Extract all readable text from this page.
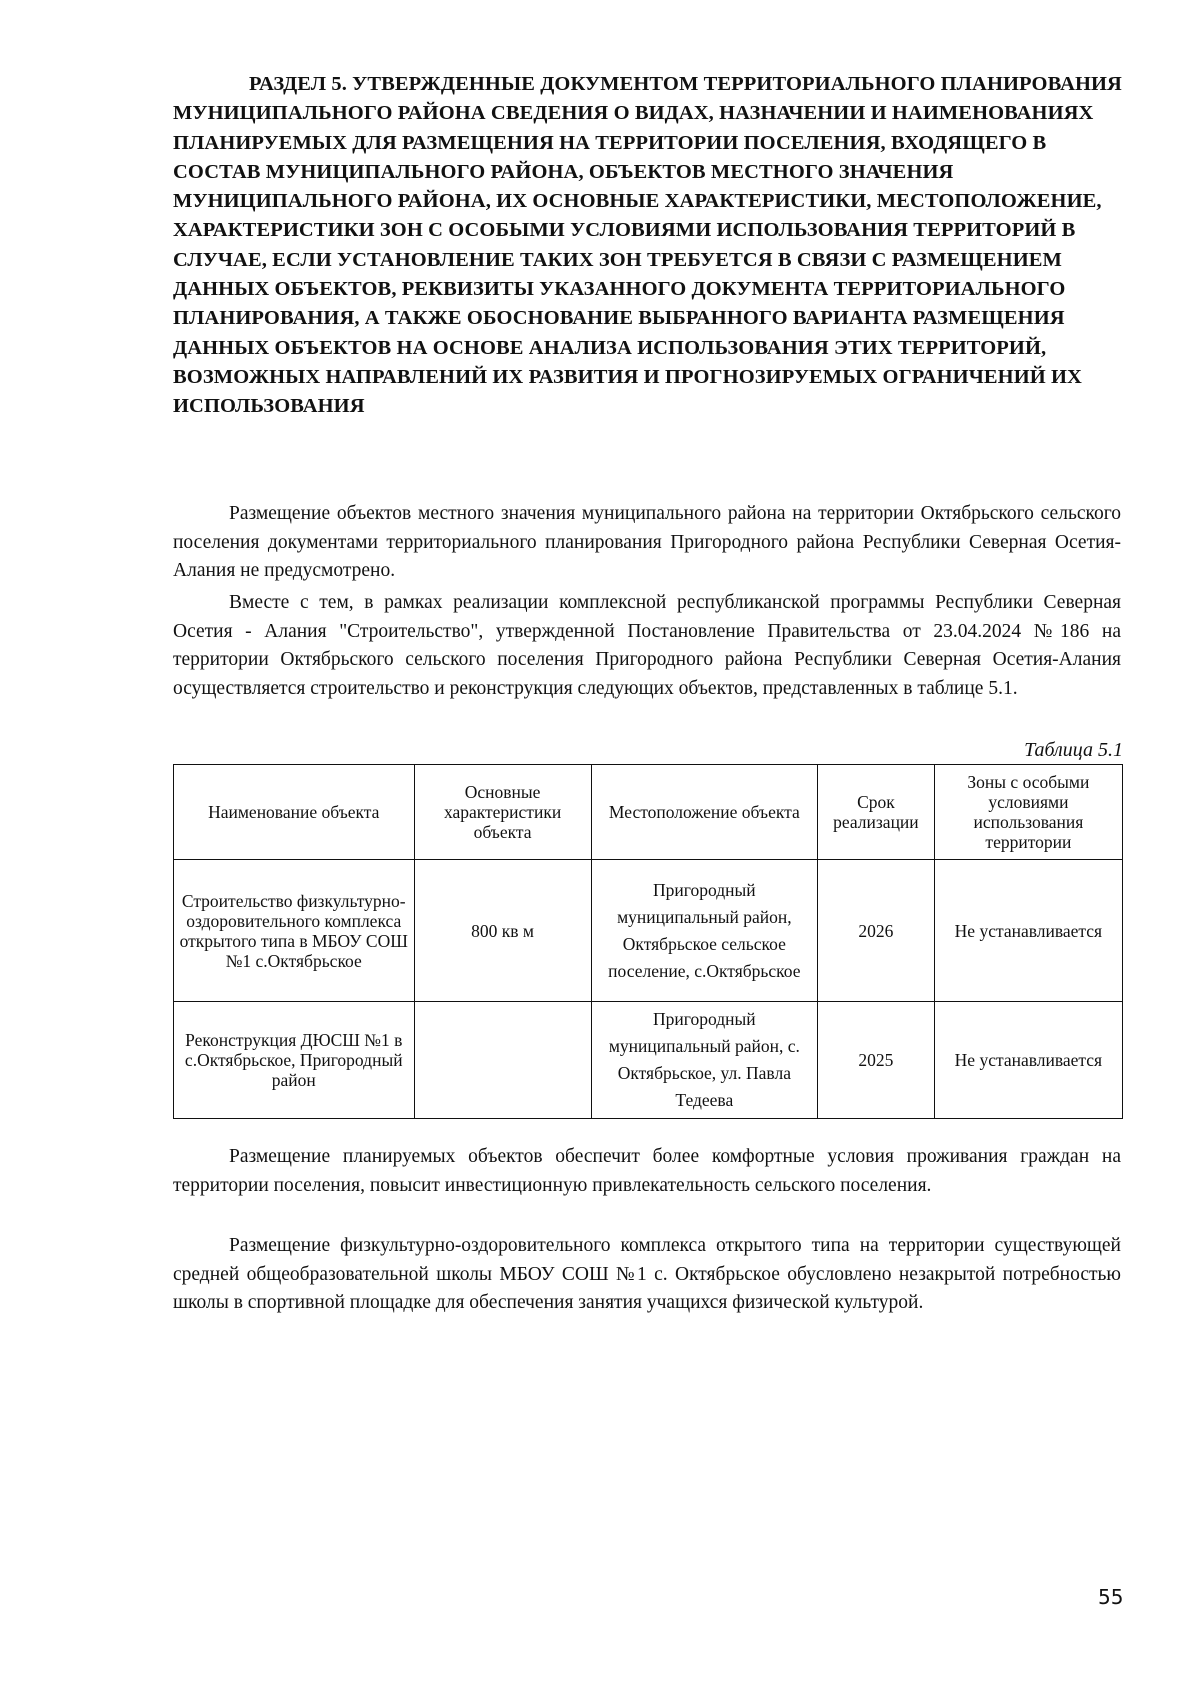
РАЗДЕЛ 5. УТВЕРЖДЕННЫЕ ДОКУМЕНТОМ ТЕРРИТОРИАЛЬНОГО ПЛАНИРОВАНИЯ МУНИЦИПАЛЬНОГО РАЙОНА СВЕДЕНИЯ О ВИДАХ, НАЗНАЧЕНИИ И НАИМЕНОВАНИЯХ ПЛАНИРУЕМЫХ ДЛЯ РАЗМЕЩЕНИЯ НА ТЕРРИТОРИИ ПОСЕЛЕНИЯ, ВХОДЯЩЕГО В СОСТАВ МУНИЦИПАЛЬНОГО РАЙОНА, ОБЪЕКТОВ МЕСТНОГО ЗНАЧЕНИЯ МУНИЦИПАЛЬНОГО РАЙОНА, ИХ ОСНОВНЫЕ ХАРАКТЕРИСТИКИ, МЕСТОПОЛОЖЕНИЕ, ХАРАКТЕРИСТИКИ ЗОН С ОСОБЫМИ УСЛОВИЯМИ ИСПОЛЬЗОВАНИЯ ТЕРРИТОРИЙ В СЛУЧАЕ, ЕСЛИ УСТАНОВЛЕНИЕ ТАКИХ ЗОН ТРЕБУЕТСЯ В СВЯЗИ С РАЗМЕЩЕНИЕМ ДАННЫХ ОБЪЕКТОВ, РЕКВИЗИТЫ УКАЗАННОГО ДОКУМЕНТА ТЕРРИТОРИАЛЬНОГО ПЛАНИРОВАНИЯ, А ТАКЖЕ ОБОСНОВАНИЕ ВЫБРАННОГО ВАРИАНТА РАЗМЕЩЕНИЯ ДАННЫХ ОБЪЕКТОВ НА ОСНОВЕ АНАЛИЗА ИСПОЛЬЗОВАНИЯ ЭТИХ ТЕРРИТОРИЙ, ВОЗМОЖНЫХ НАПРАВЛЕНИЙ ИХ РАЗВИТИЯ И ПРОГНОЗИРУЕМЫХ ОГРАНИЧЕНИЙ ИХ ИСПОЛЬЗОВАНИЯ

Размещение объектов местного значения муниципального района на территории Октябрьского сельского поселения документами территориального планирования Пригородного района Республики Северная Осетия-Алания не предусмотрено.

Вместе с тем, в рамках реализации комплексной республиканской программы Республики Северная Осетия - Алания "Строительство", утвержденной Постановление Правительства от 23.04.2024 №186 на территории Октябрьского сельского поселения Пригородного района Республики Северная Осетия-Алания осуществляется строительство и реконструкция следующих объектов, представленных в таблице 5.1.

Таблица 5.1
Наименование объекта	Основные характеристики объекта	Местоположение объекта	Срок реализации	Зоны с особыми условиями использования территории
Строительство физкультурно-оздоровительного комплекса открытого типа в МБОУ СОШ №1 с.Октябрьское	800 кв м	Пригородный муниципальный район, Октябрьское сельское поселение, с.Октябрьское	2026	Не устанавливается
Реконструкция ДЮСШ №1 в с.Октябрьское, Пригородный район		Пригородный муниципальный район, с. Октябрьское, ул. Павла Тедеева	2025	Не устанавливается

Размещение планируемых объектов обеспечит более комфортные условия проживания граждан на территории поселения, повысит инвестиционную привлекательность сельского поселения.

Размещение физкультурно-оздоровительного комплекса открытого типа на территории существующей средней общеобразовательной школы МБОУ СОШ №1 с. Октябрьское обусловлено незакрытой потребностью школы в спортивной площадке для обеспечения занятия учащихся физической культурой.

55
